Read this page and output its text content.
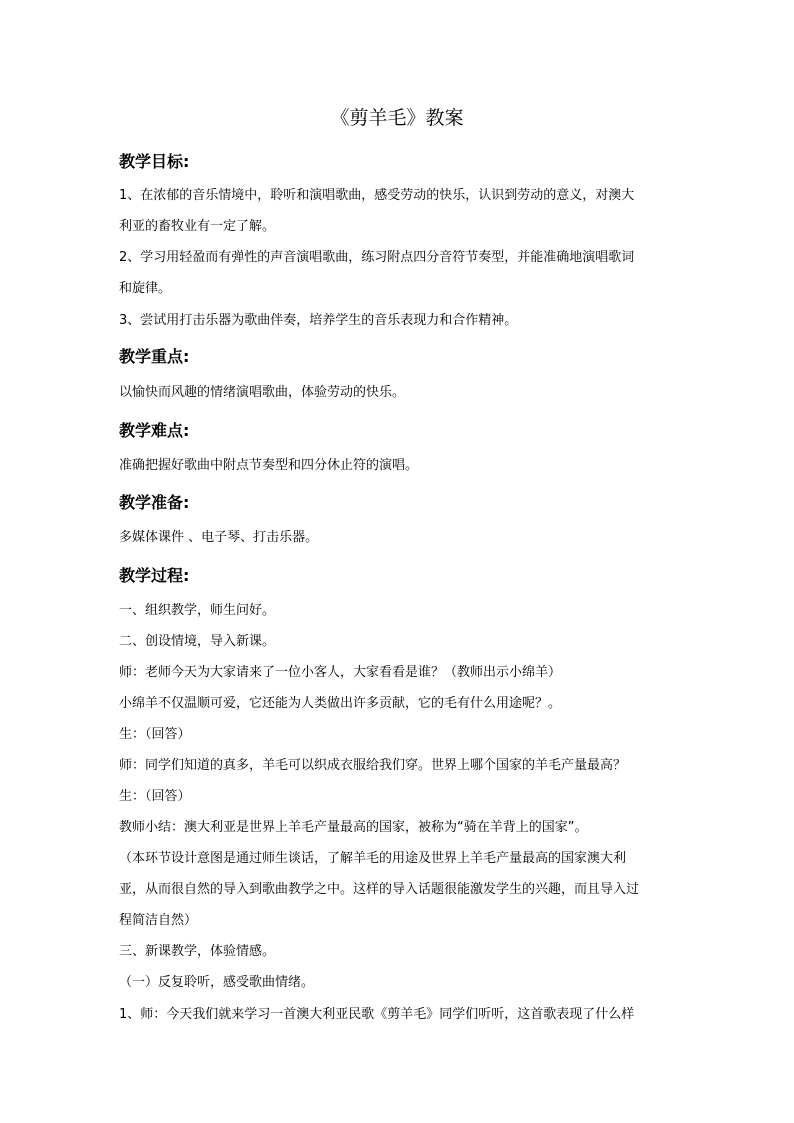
《剪羊毛》教案
教学目标:
1、在浓郁的音乐情境中，聆听和演唱歌曲，感受劳动的快乐，认识到劳动的意义，对澳大
利亚的畜牧业有一定了解。
2、学习用轻盈而有弹性的声音演唱歌曲，练习附点四分音符节奏型，并能准确地演唱歌词
和旋律。
3、尝试用打击乐器为歌曲伴奏，培养学生的音乐表现力和合作精神。
教学重点:
以愉快而风趣的情绪演唱歌曲，体验劳动的快乐。
教学难点:
准确把握好歌曲中附点节奏型和四分休止符的演唱。
教学准备:
多媒体课件 、电子琴、打击乐器。
教学过程:
一、组织教学，师生问好。
二、创设情境，导入新课。
师：老师今天为大家请来了一位小客人，大家看看是谁？（教师出示小绵羊）
小绵羊不仅温顺可爱，它还能为人类做出许多贡献，它的毛有什么用途呢？。
生：（回答）
师：同学们知道的真多，羊毛可以织成衣服给我们穿。世界上哪个国家的羊毛产量最高？
生：（回答）
教师小结：澳大利亚是世界上羊毛产量最高的国家，被称为“骑在羊背上的国家”。
（本环节设计意图是通过师生谈话，了解羊毛的用途及世界上羊毛产量最高的国家澳大利
亚，从而很自然的导入到歌曲教学之中。这样的导入话题很能激发学生的兴趣，而且导入过
程简洁自然）
三、新课教学，体验情感。
（一）反复聆听，感受歌曲情绪。
1、师：今天我们就来学习一首澳大利亚民歌《剪羊毛》同学们听听，这首歌表现了什么样
